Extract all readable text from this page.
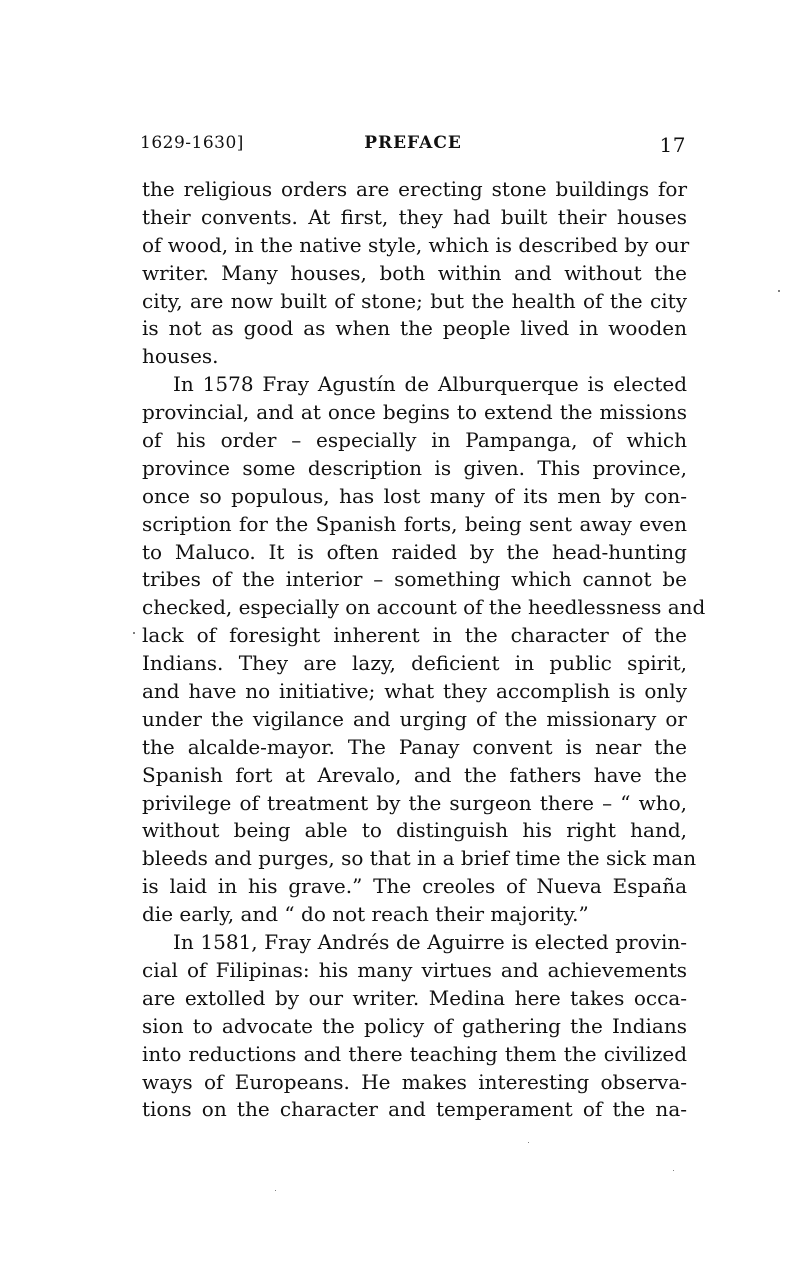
1629-1630]	PREFACE	17
the religious orders are erecting stone buildings for
their convents. At first, they had built their houses
of wood, in the native style, which is described by our
writer. Many houses, both within and without the
city, are now built of stone; but the health of the city
is not as good as when the people lived in wooden
houses.
In 1578 Fray Agustín de Alburquerque is elected
provincial, and at once begins to extend the missions
of his order – especially in Pampanga, of which
province some description is given. This province,
once so populous, has lost many of its men by con-
scription for the Spanish forts, being sent away even
to Maluco. It is often raided by the head-hunting
tribes of the interior – something which cannot be
checked, especially on account of the heedlessness and
lack of foresight inherent in the character of the
Indians. They are lazy, deficient in public spirit,
and have no initiative; what they accomplish is only
under the vigilance and urging of the missionary or
the alcalde-mayor. The Panay convent is near the
Spanish fort at Arevalo, and the fathers have the
privilege of treatment by the surgeon there – “ who,
without being able to distinguish his right hand,
bleeds and purges, so that in a brief time the sick man
is laid in his grave.” The creoles of Nueva España
die early, and “ do not reach their majority.”
In 1581, Fray Andrés de Aguirre is elected provin-
cial of Filipinas: his many virtues and achievements
are extolled by our writer. Medina here takes occa-
sion to advocate the policy of gathering the Indians
into reductions and there teaching them the civilized
ways of Europeans. He makes interesting observa-
tions on the character and temperament of the na-
